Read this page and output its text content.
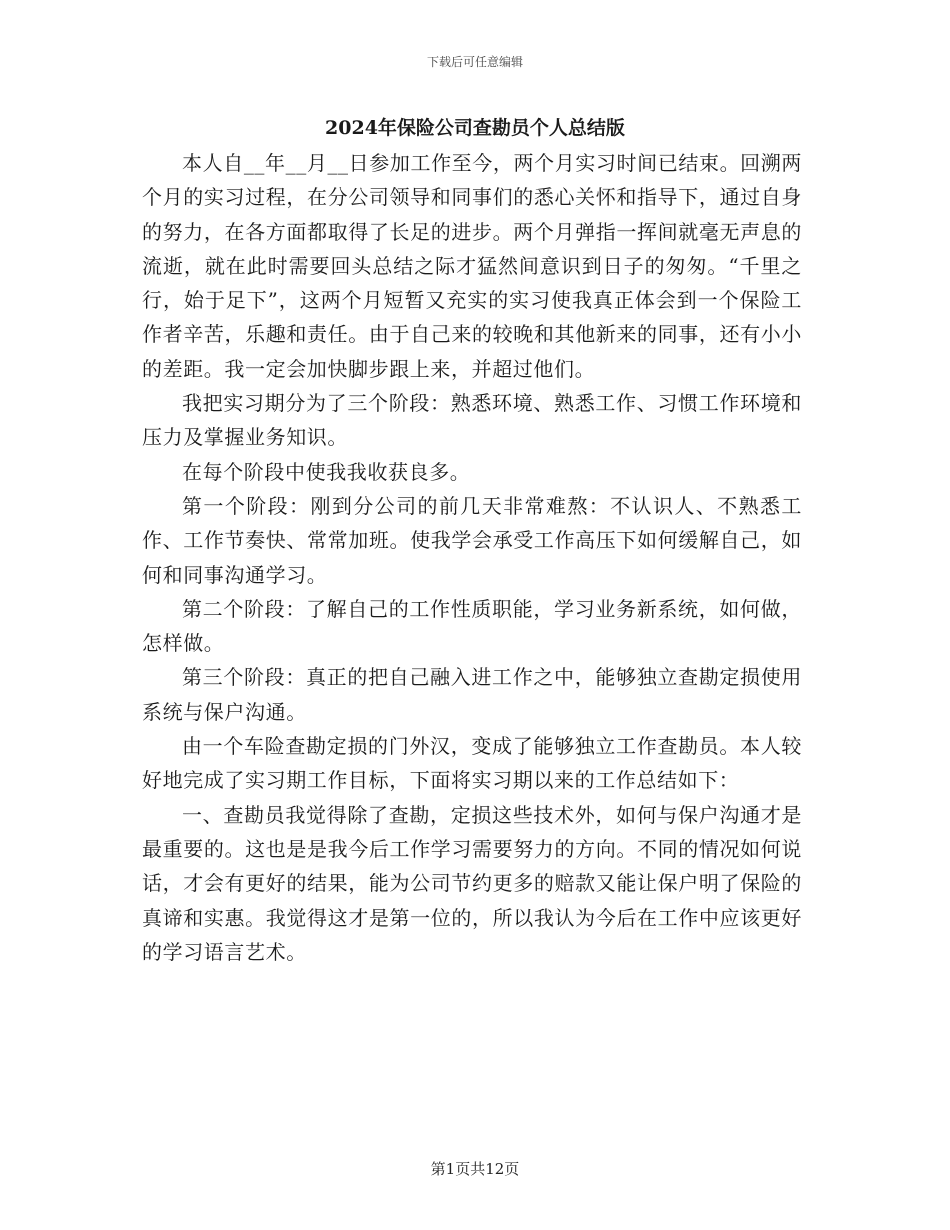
下载后可任意编辑
2024年保险公司查勘员个人总结版

本人自__年__月__日参加工作至今，两个月实习时间已结束。回溯两个月的实习过程，在分公司领导和同事们的悉心关怀和指导下，通过自身的努力，在各方面都取得了长足的进步。两个月弹指一挥间就毫无声息的流逝，就在此时需要回头总结之际才猛然间意识到日子的匆匆。“千里之行，始于足下”，这两个月短暂又充实的实习使我真正体会到一个保险工作者辛苦，乐趣和责任。由于自己来的较晚和其他新来的同事，还有小小的差距。我一定会加快脚步跟上来，并超过他们。

我把实习期分为了三个阶段：熟悉环境、熟悉工作、习惯工作环境和压力及掌握业务知识。

在每个阶段中使我我收获良多。

第一个阶段：刚到分公司的前几天非常难熬：不认识人、不熟悉工作、工作节奏快、常常加班。使我学会承受工作高压下如何缓解自己，如何和同事沟通学习。

第二个阶段：了解自己的工作性质职能，学习业务新系统，如何做，怎样做。

第三个阶段：真正的把自己融入进工作之中，能够独立查勘定损使用系统与保户沟通。

由一个车险查勘定损的门外汉，变成了能够独立工作查勘员。本人较好地完成了实习期工作目标，下面将实习期以来的工作总结如下：

一、查勘员我觉得除了查勘，定损这些技术外，如何与保户沟通才是最重要的。这也是是我今后工作学习需要努力的方向。不同的情况如何说话，才会有更好的结果，能为公司节约更多的赔款又能让保户明了保险的真谛和实惠。我觉得这才是第一位的，所以我认为今后在工作中应该更好的学习语言艺术。

第1页共12页
